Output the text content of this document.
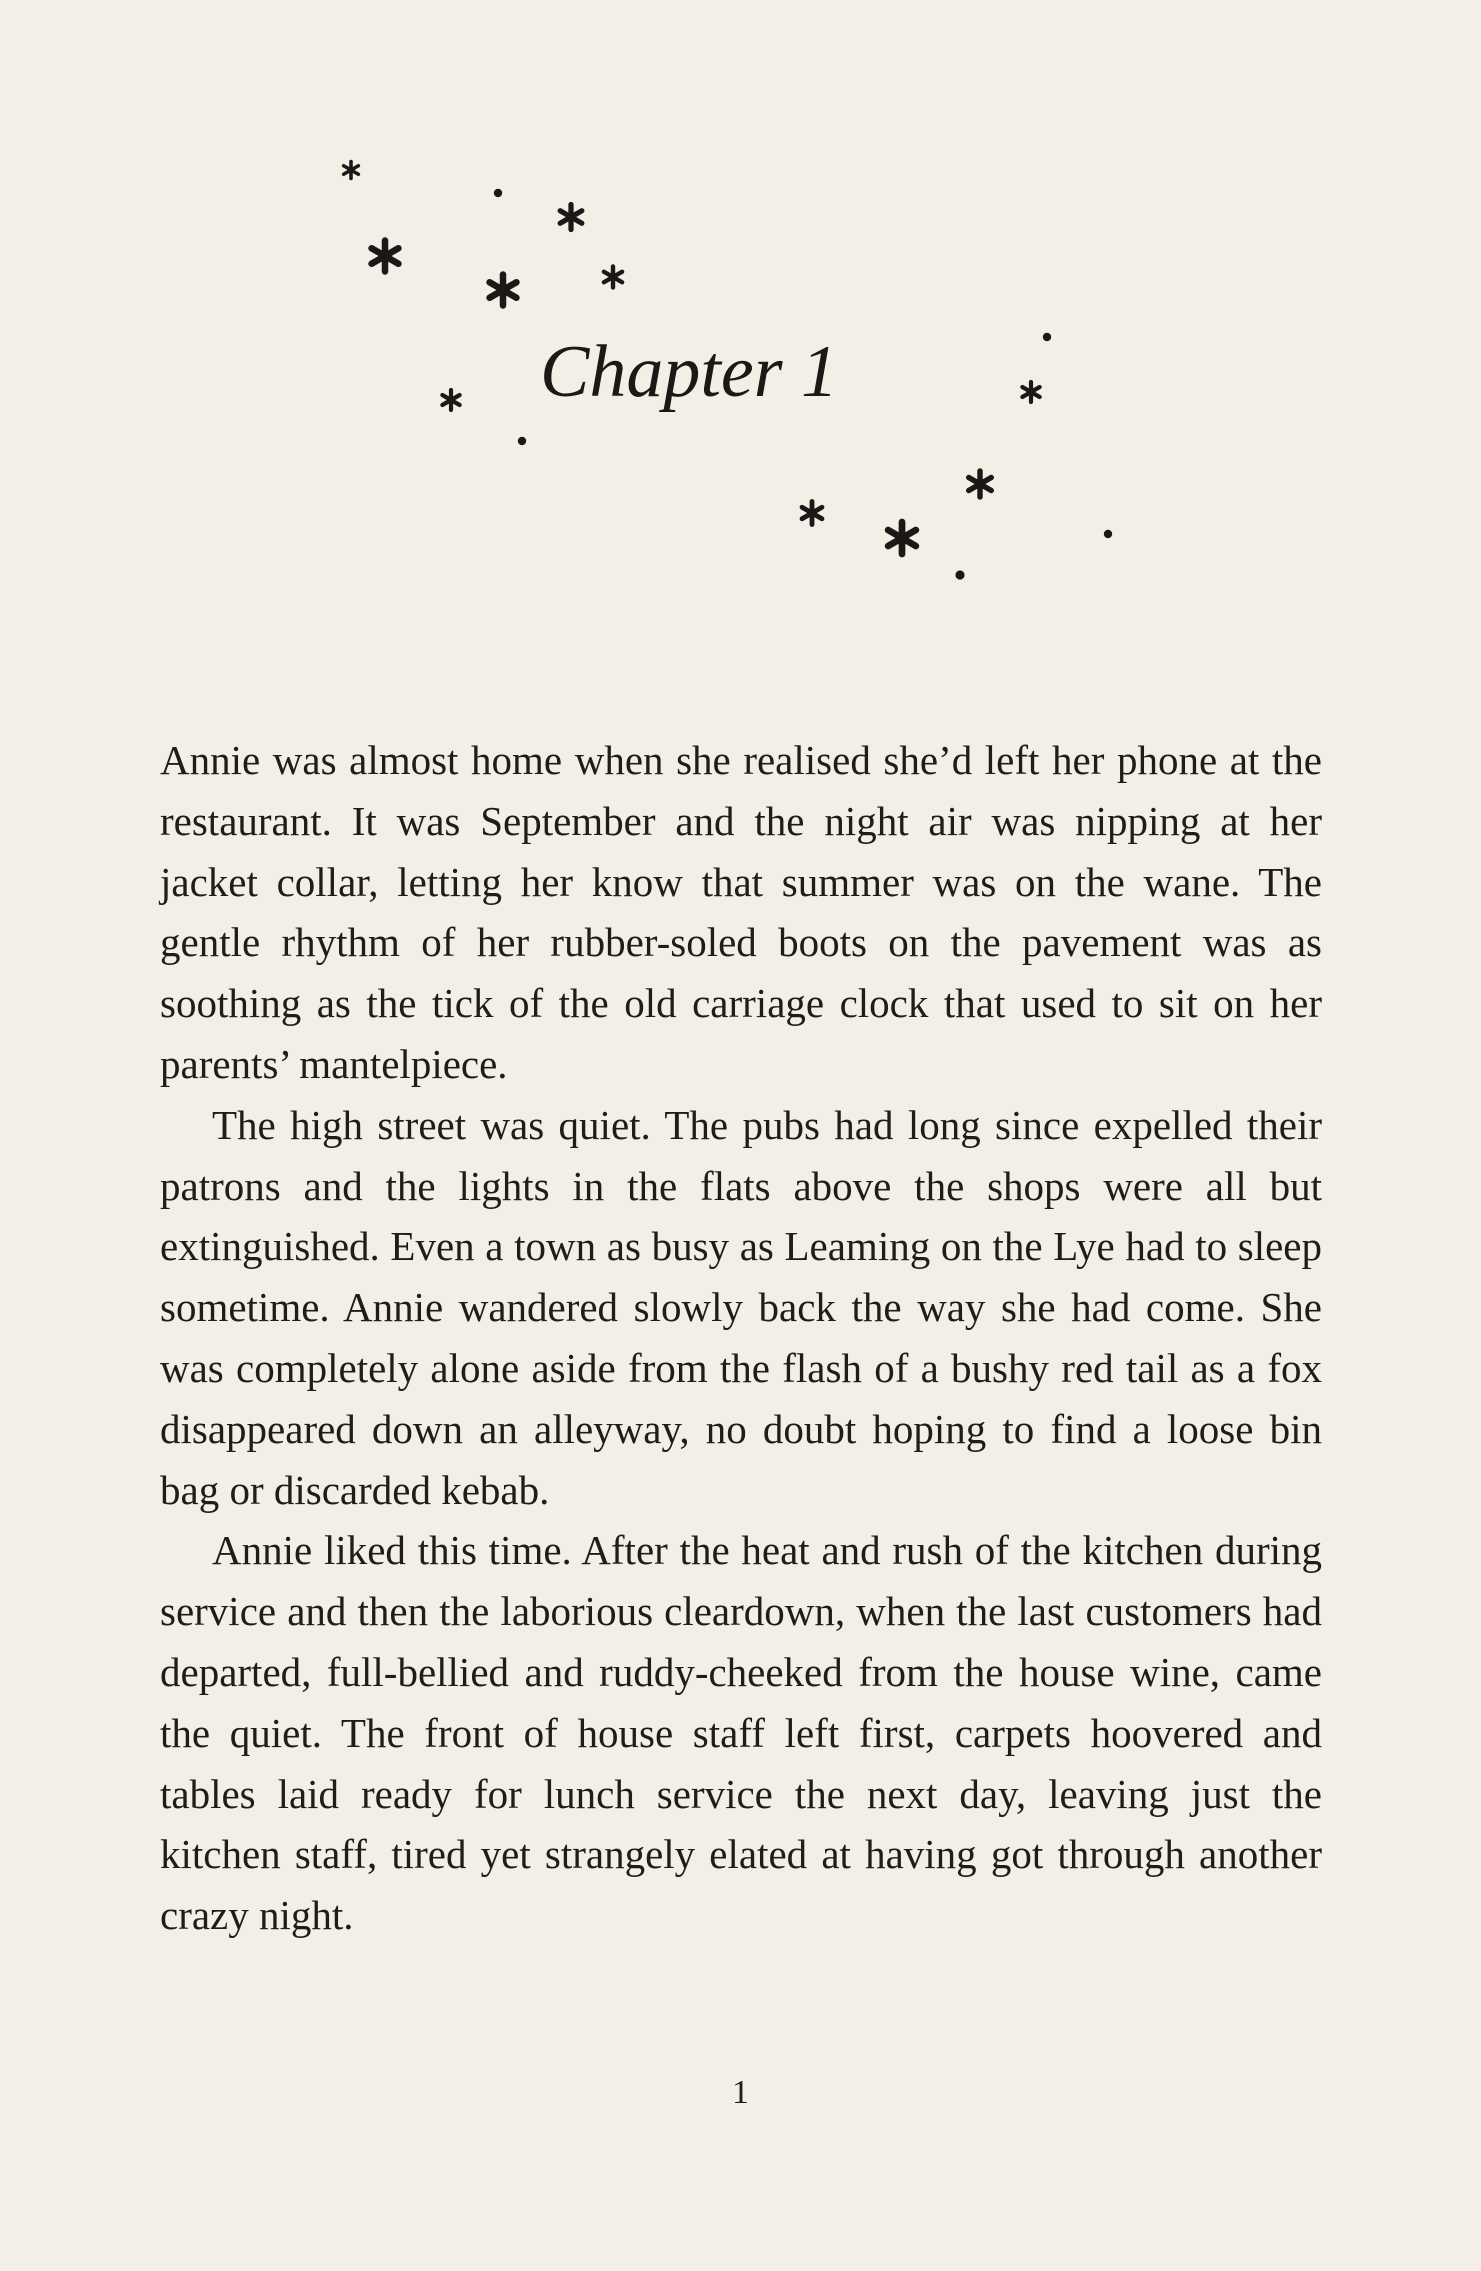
Chapter 1

Annie was almost home when she realised she’d left her phone at the restaurant. It was September and the night air was nipping at her jacket collar, letting her know that summer was on the wane. The gentle rhythm of her rubber-soled boots on the pavement was as soothing as the tick of the old carriage clock that used to sit on her parents’ mantelpiece.

The high street was quiet. The pubs had long since expelled their patrons and the lights in the flats above the shops were all but extinguished. Even a town as busy as Leaming on the Lye had to sleep sometime. Annie wandered slowly back the way she had come. She was completely alone aside from the flash of a bushy red tail as a fox disappeared down an alleyway, no doubt hoping to find a loose bin bag or discarded kebab.

Annie liked this time. After the heat and rush of the kitchen during service and then the laborious cleardown, when the last customers had departed, full-bellied and ruddy-cheeked from the house wine, came the quiet. The front of house staff left first, carpets hoovered and tables laid ready for lunch service the next day, leaving just the kitchen staff, tired yet strangely elated at having got through another crazy night.

1
